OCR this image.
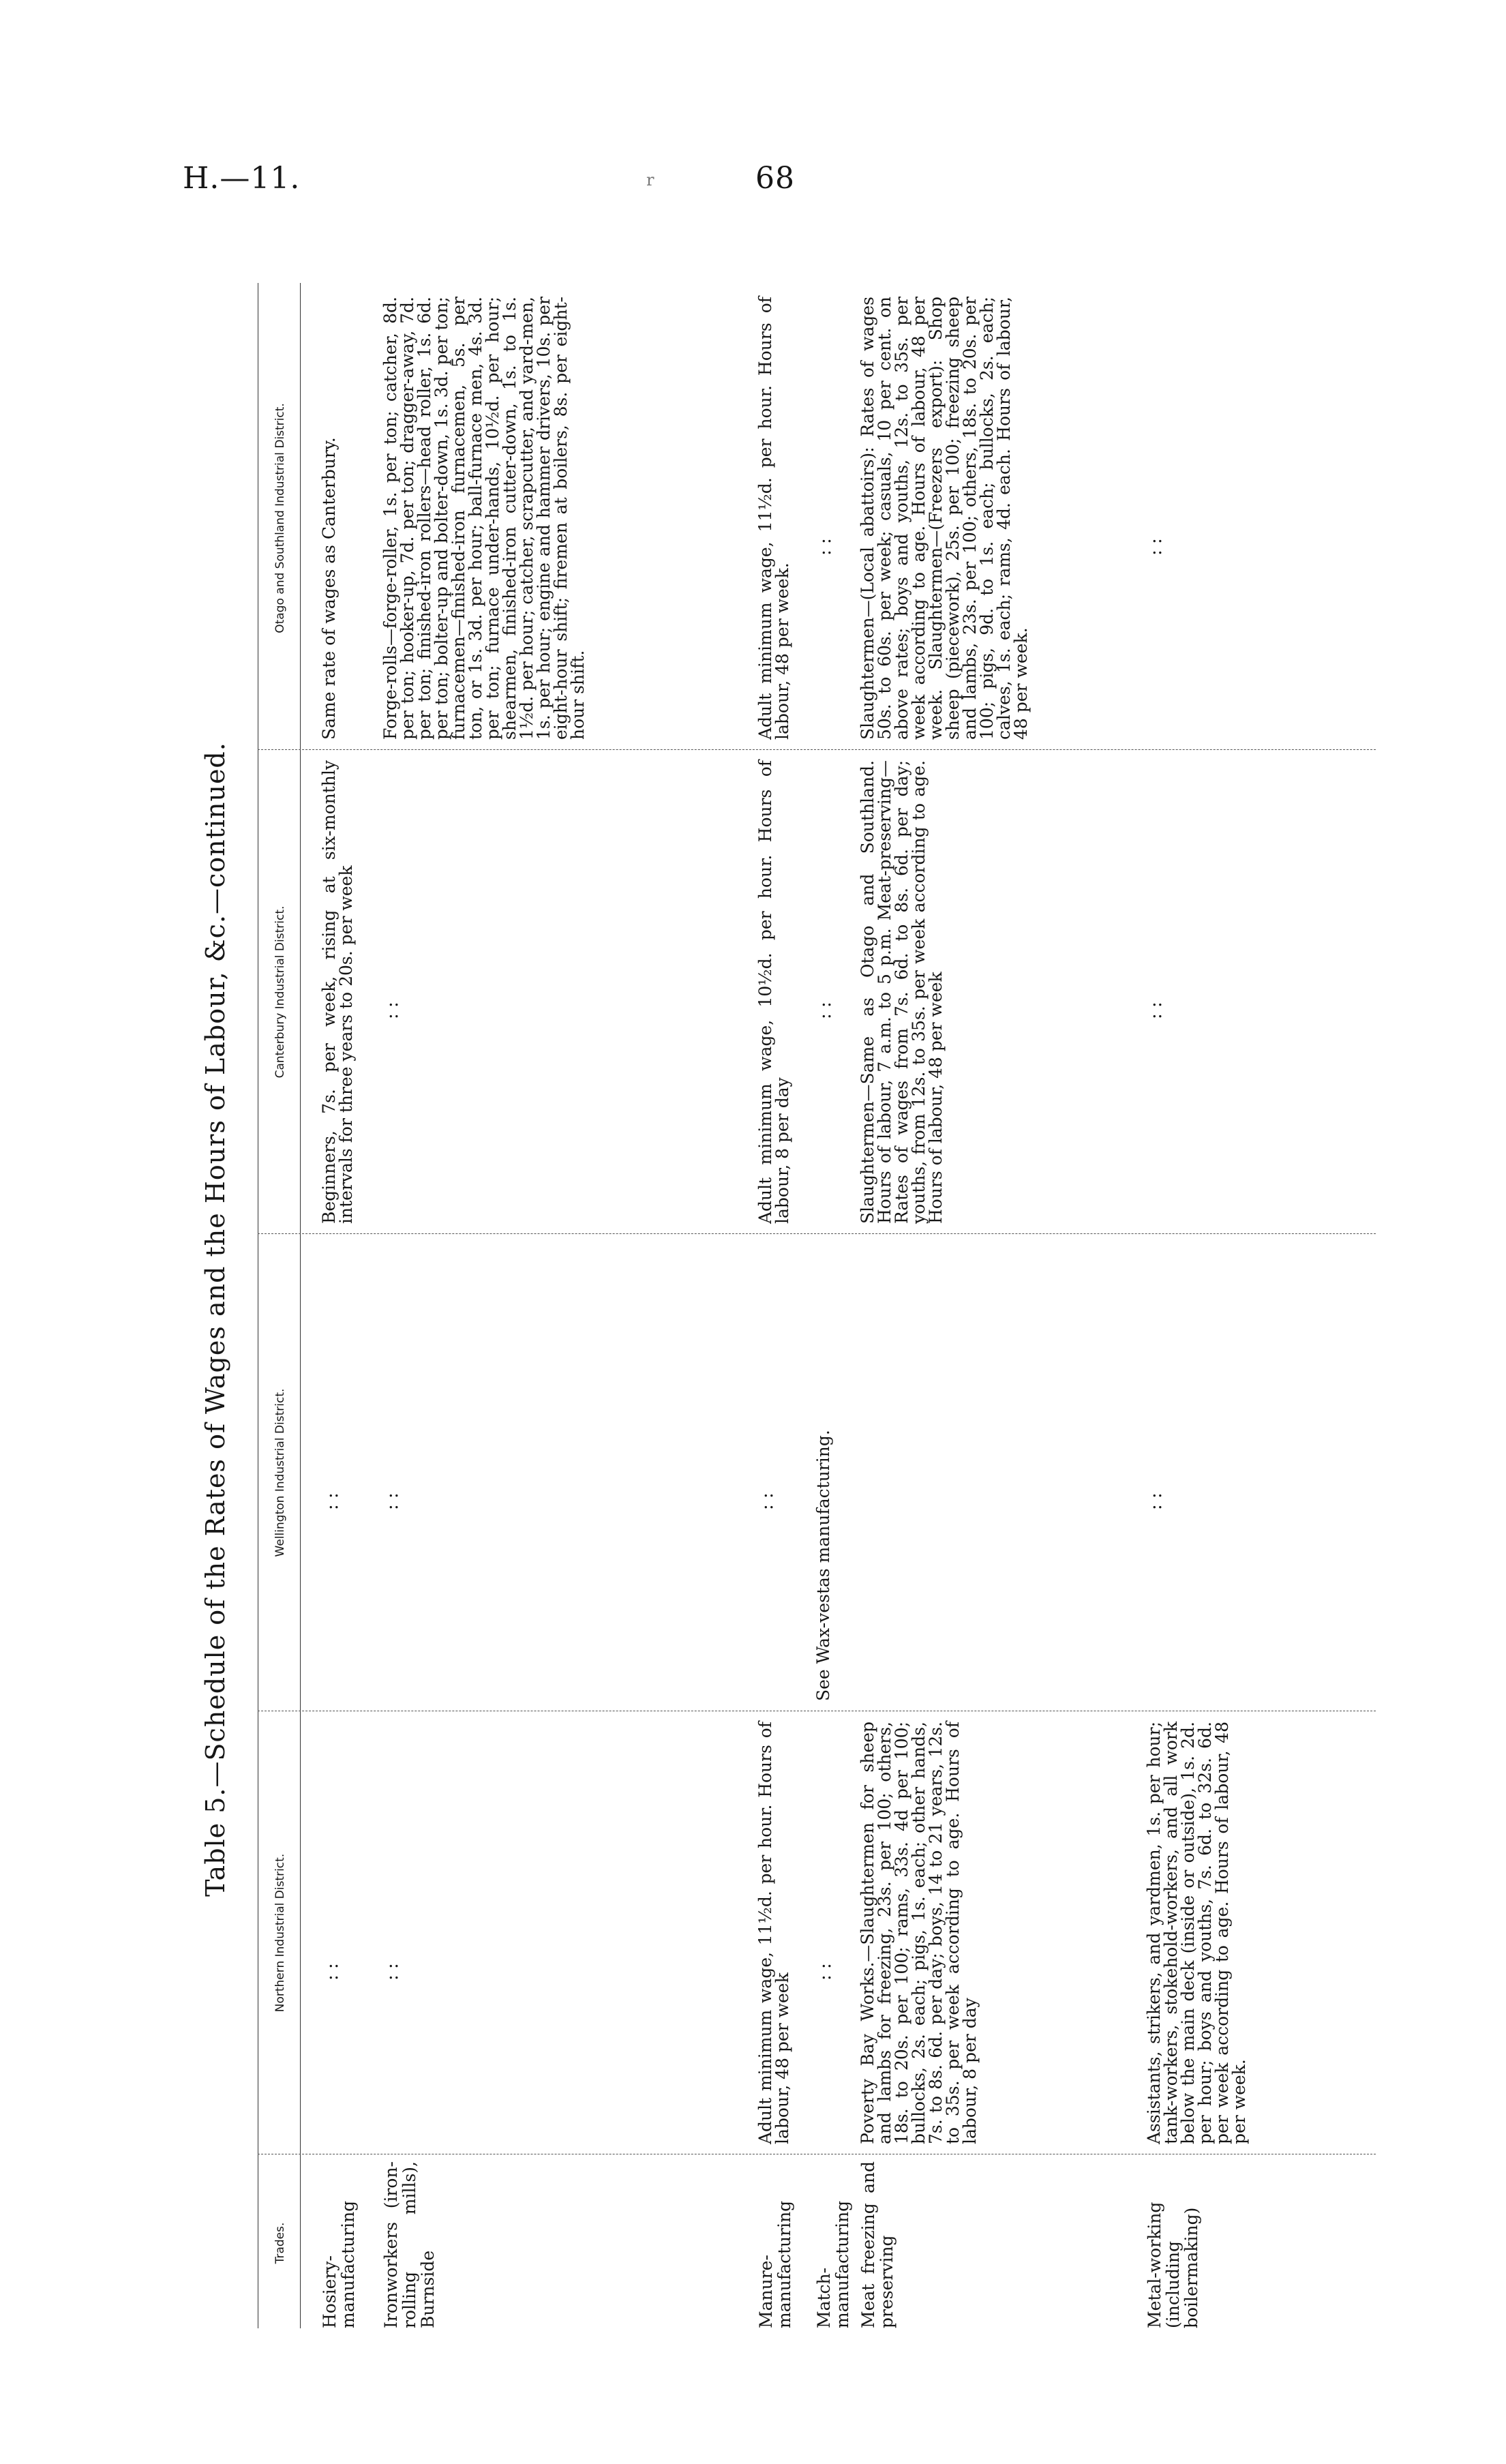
H.—11.	r	68
Table 5.—Schedule of the Rates of Wages and the Hours of Labour, &c.—continued.
Trades.
Northern Industrial District.
Wellington Industrial District.
Canterbury Industrial District.
Otago and Southland Industrial District.
Hosiery-manufacturing
: :
: :
Beginners, 7s. per week, rising at six-monthly intervals for three years to 20s. per week
Same rate of wages as Canterbury.
Ironworkers (iron-rolling mills), Burnside
: :
: :
: :
Forge-rolls—forge-roller, 1s. per ton; catcher, 8d. per ton; hooker-up, 7d. per ton; dragger-away, 7d. per ton; finished-iron rollers—head roller, 1s. 6d. per ton; bolter-up and bolter-down, 1s. 3d. per ton; furnacemen—finished-iron furnacemen, 5s. per ton, or 1s. 3d. per hour; ball-furnace men, 4s. 3d. per ton; furnace under-hands, 10½d. per hour; shearmen, finished-iron cutter-down, 1s. to 1s. 1½d. per hour; catcher, scrapcutter, and yard-men, 1s. per hour; engine and hammer drivers, 10s. per eight-hour shift; firemen at boilers, 8s. per eight-hour shift.
Manure-manufacturing
Adult minimum wage, 11½d. per hour. Hours of labour, 48 per week
: :
Adult minimum wage, 10½d. per hour. Hours of labour, 8 per day
Adult minimum wage, 11½d. per hour. Hours of labour, 48 per week.
Match-manufacturing
: :
See Wax-vestas manufacturing.
: :
: :
Meat freezing and preserving
Poverty Bay Works.—Slaughtermen for sheep and lambs for freezing, 23s. per 100; others, 18s. to 20s. per 100; rams, 33s. 4d per 100; bullocks, 2s. each; pigs, 1s. each; other hands, 7s. to 8s. 6d. per day; boys, 14 to 21 years, 12s. to 35s. per week according to age. Hours of labour, 8 per day
Slaughtermen—Same as Otago and Southland. Hours of labour, 7 a.m. to 5 p.m. Meat-preserving—Rates of wages from 7s. 6d. to 8s. 6d. per day; youths, from 12s. to 35s. per week according to age. Hours of labour, 48 per week
Slaughtermen—(Local abattoirs): Rates of wages 50s. to 60s. per week; casuals, 10 per cent. on above rates; boys and youths, 12s. to 35s. per week according to age. Hours of labour, 48 per week. Slaughtermen—(Freezers export): Shop sheep (piecework), 25s. per 100; freezing sheep and lambs, 23s. per 100; others, 18s. to 20s. per 100; pigs, 9d. to 1s. each; bullocks, 2s. each; calves, 1s. each; rams, 4d. each. Hours of labour, 48 per week.
Metal-working (including boilermaking)
Assistants, strikers, and yardmen, 1s. per hour; tank-workers, stokehold-workers, and all work below the main deck (inside or outside), 1s. 2d. per hour; boys and youths, 7s. 6d. to 32s. 6d. per week according to age. Hours of labour, 48 per week.
: :
: :
: :
